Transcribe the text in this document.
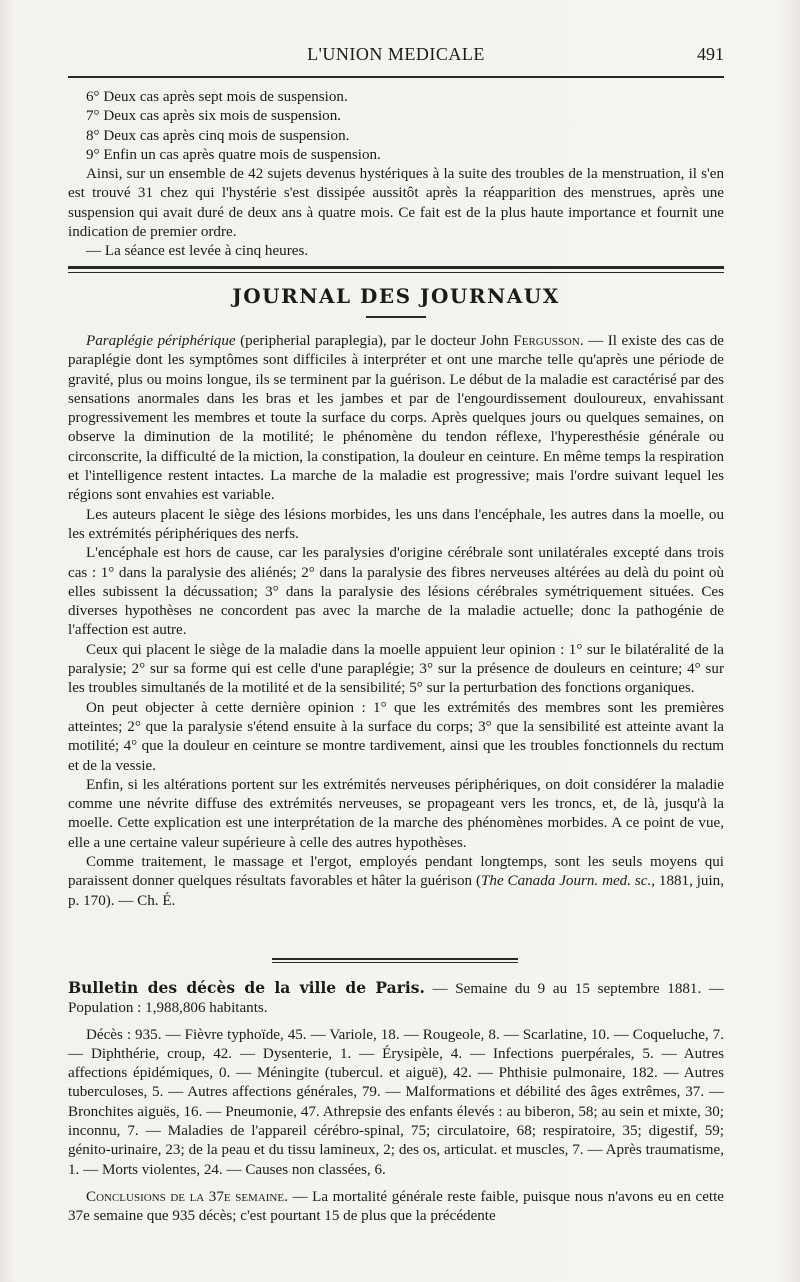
L'UNION MEDICALE	491

6° Deux cas après sept mois de suspension.

7° Deux cas après six mois de suspension.

8° Deux cas après cinq mois de suspension.

9° Enfin un cas après quatre mois de suspension.

Ainsi, sur un ensemble de 42 sujets devenus hystériques à la suite des troubles de la menstruation, il s'en est trouvé 31 chez qui l'hystérie s'est dissipée aussitôt après la réapparition des menstrues, après une suspension qui avait duré de deux ans à quatre mois. Ce fait est de la plus haute importance et fournit une indication de premier ordre.

— La séance est levée à cinq heures.

JOURNAL DES JOURNAUX

Paraplégie périphérique (peripherial paraplegia), par le docteur John Fergusson. — Il existe des cas de paraplégie dont les symptômes sont difficiles à interpréter et ont une marche telle qu'après une période de gravité, plus ou moins longue, ils se terminent par la guérison. Le début de la maladie est caractérisé par des sensations anormales dans les bras et les jambes et par de l'engourdissement douloureux, envahissant progressivement les membres et toute la surface du corps. Après quelques jours ou quelques semaines, on observe la diminution de la motilité; le phénomène du tendon réflexe, l'hyperesthésie générale ou circonscrite, la difficulté de la miction, la constipation, la douleur en ceinture. En même temps la respiration et l'intelligence restent intactes. La marche de la maladie est progressive; mais l'ordre suivant lequel les régions sont envahies est variable.

Les auteurs placent le siège des lésions morbides, les uns dans l'encéphale, les autres dans la moelle, ou les extrémités périphériques des nerfs.

L'encéphale est hors de cause, car les paralysies d'origine cérébrale sont unilatérales excepté dans trois cas : 1° dans la paralysie des aliénés; 2° dans la paralysie des fibres nerveuses altérées au delà du point où elles subissent la décussation; 3° dans la paralysie des lésions cérébrales symétriquement situées. Ces diverses hypothèses ne concordent pas avec la marche de la maladie actuelle; donc la pathogénie de l'affection est autre.

Ceux qui placent le siège de la maladie dans la moelle appuient leur opinion : 1° sur le bilatéralité de la paralysie; 2° sur sa forme qui est celle d'une paraplégie; 3° sur la présence de douleurs en ceinture; 4° sur les troubles simultanés de la motilité et de la sensibilité; 5° sur la perturbation des fonctions organiques.

On peut objecter à cette dernière opinion : 1° que les extrémités des membres sont les premières atteintes; 2° que la paralysie s'étend ensuite à la surface du corps; 3° que la sensibilité est atteinte avant la motilité; 4° que la douleur en ceinture se montre tardivement, ainsi que les troubles fonctionnels du rectum et de la vessie.

Enfin, si les altérations portent sur les extrémités nerveuses périphériques, on doit considérer la maladie comme une névrite diffuse des extrémités nerveuses, se propageant vers les troncs, et, de là, jusqu'à la moelle. Cette explication est une interprétation de la marche des phénomènes morbides. A ce point de vue, elle a une certaine valeur supérieure à celle des autres hypothèses.

Comme traitement, le massage et l'ergot, employés pendant longtemps, sont les seuls moyens qui paraissent donner quelques résultats favorables et hâter la guérison (The Canada Journ. med. sc., 1881, juin, p. 170). — Ch. É.

Bulletin des décès de la ville de Paris. — Semaine du 9 au 15 septembre 1881. — Population : 1,988,806 habitants.

Décès : 935. — Fièvre typhoïde, 45. — Variole, 18. — Rougeole, 8. — Scarlatine, 10. — Coqueluche, 7. — Diphthérie, croup, 42. — Dysenterie, 1. — Érysipèle, 4. — Infections puerpérales, 5. — Autres affections épidémiques, 0. — Méningite (tubercul. et aiguë), 42. — Phthisie pulmonaire, 182. — Autres tuberculoses, 5. — Autres affections générales, 79. — Malformations et débilité des âges extrêmes, 37. — Bronchites aiguës, 16. — Pneumonie, 47. Athrepsie des enfants élevés : au biberon, 58; au sein et mixte, 30; inconnu, 7. — Maladies de l'appareil cérébro-spinal, 75; circulatoire, 68; respiratoire, 35; digestif, 59; génito-urinaire, 23; de la peau et du tissu lamineux, 2; des os, articulat. et muscles, 7. — Après traumatisme, 1. — Morts violentes, 24. — Causes non classées, 6.

Conclusions de la 37e semaine. — La mortalité générale reste faible, puisque nous n'avons eu en cette 37e semaine que 935 décès; c'est pourtant 15 de plus que la précédente
